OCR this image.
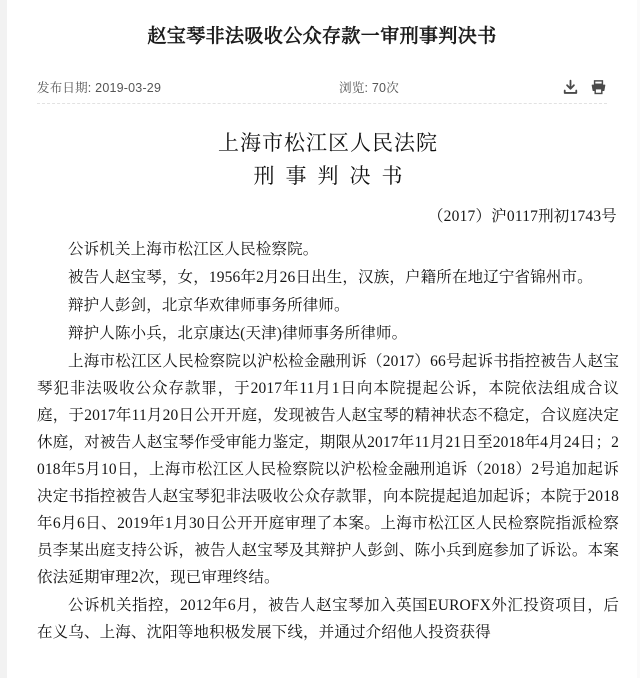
赵宝琴非法吸收公众存款一审刑事判决书
发布日期: 2019-03-29	浏览: 70次
上海市松江区人民法院
刑事判决书
（2017）沪0117刑初1743号

公诉机关上海市松江区人民检察院。

被告人赵宝琴，女，1956年2月26日出生，汉族，户籍所在地辽宁省锦州市。

辩护人彭剑，北京华欢律师事务所律师。

辩护人陈小兵，北京康达(天津)律师事务所律师。

上海市松江区人民检察院以沪松检金融刑诉（2017）66号起诉书指控被告人赵宝琴犯非法吸收公众存款罪，于2017年11月1日向本院提起公诉，本院依法组成合议庭，于2017年11月20日公开开庭，发现被告人赵宝琴的精神状态不稳定，合议庭决定休庭，对被告人赵宝琴作受审能力鉴定，期限从2017年11月21日至2018年4月24日；2018年5月10日，上海市松江区人民检察院以沪松检金融刑追诉（2018）2号追加起诉决定书指控被告人赵宝琴犯非法吸收公众存款罪，向本院提起追加起诉；本院于2018年6月6日、2019年1月30日公开开庭审理了本案。上海市松江区人民检察院指派检察员李某出庭支持公诉，被告人赵宝琴及其辩护人彭剑、陈小兵到庭参加了诉讼。本案依法延期审理2次，现已审理终结。

公诉机关指控，2012年6月，被告人赵宝琴加入英国EUROFX外汇投资项目，后在义乌、上海、沈阳等地积极发展下线，并通过介绍他人投资获得
